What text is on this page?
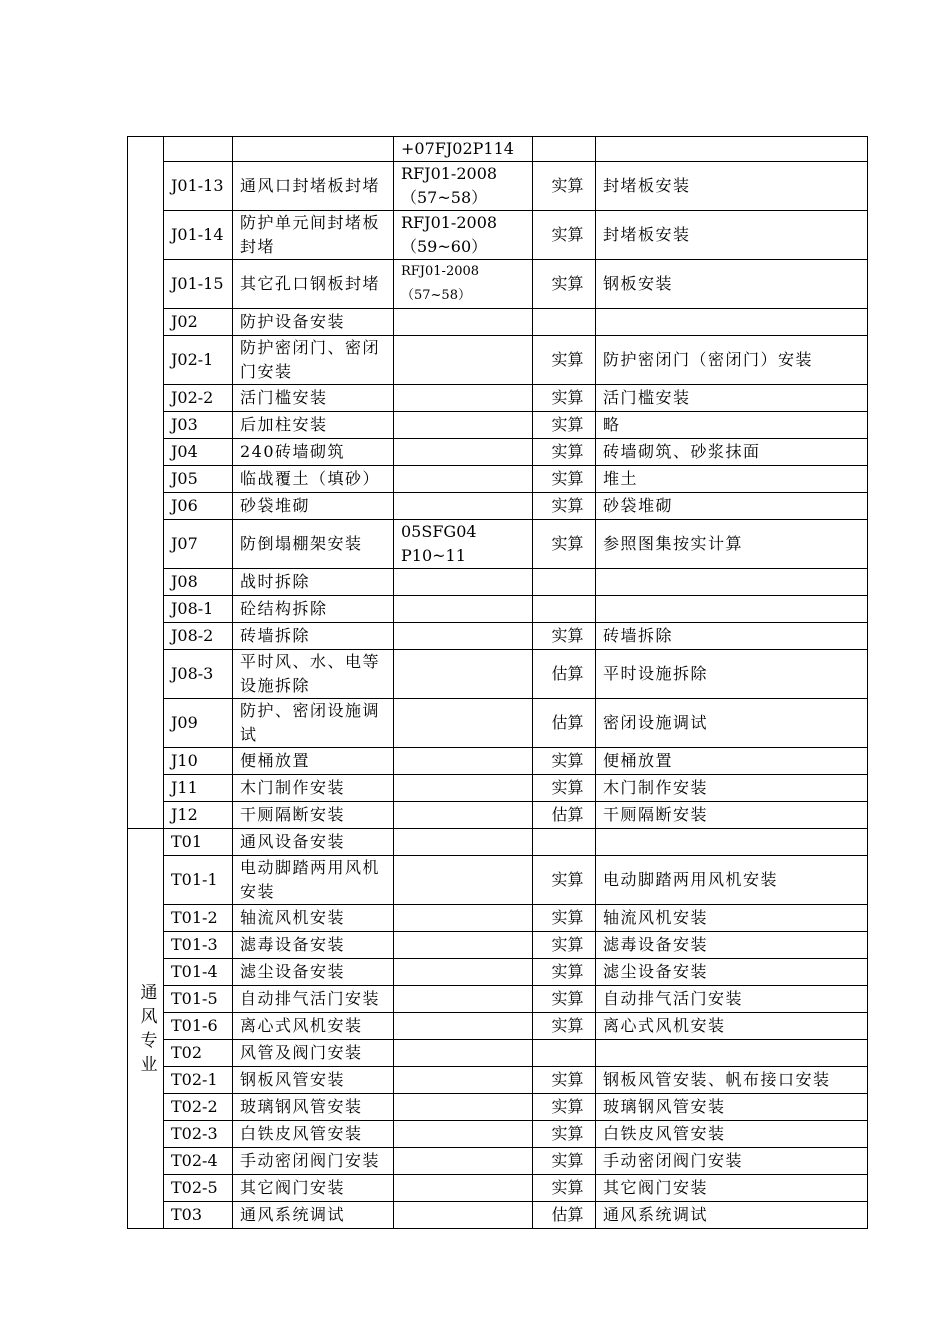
			+07FJ02P114		
	J01-13	通风口封堵板封堵	RFJ01-2008（57~58）	实算	封堵板安装
	J01-14	防护单元间封堵板封堵	RFJ01-2008（59~60）	实算	封堵板安装
	J01-15	其它孔口钢板封堵	RFJ01-2008（57~58）	实算	钢板安装
	J02	防护设备安装			
	J02-1	防护密闭门、密闭门安装		实算	防护密闭门（密闭门）安装
	J02-2	活门槛安装		实算	活门槛安装
	J03	后加柱安装		实算	略
	J04	240砖墙砌筑		实算	砖墙砌筑、砂浆抹面
	J05	临战覆土（填砂）		实算	堆土
	J06	砂袋堆砌		实算	砂袋堆砌
	J07	防倒塌棚架安装	05SFG04 P10~11	实算	参照图集按实计算
	J08	战时拆除			
	J08-1	砼结构拆除			
	J08-2	砖墙拆除		实算	砖墙拆除
	J08-3	平时风、水、电等设施拆除		估算	平时设施拆除
	J09	防护、密闭设施调试		估算	密闭设施调试
	J10	便桶放置		实算	便桶放置
	J11	木门制作安装		实算	木门制作安装
	J12	干厕隔断安装		估算	干厕隔断安装
通风专业	T01	通风设备安装			
	T01-1	电动脚踏两用风机安装		实算	电动脚踏两用风机安装
	T01-2	轴流风机安装		实算	轴流风机安装
	T01-3	滤毒设备安装		实算	滤毒设备安装
	T01-4	滤尘设备安装		实算	滤尘设备安装
	T01-5	自动排气活门安装		实算	自动排气活门安装
	T01-6	离心式风机安装		实算	离心式风机安装
	T02	风管及阀门安装			
	T02-1	钢板风管安装		实算	钢板风管安装、帆布接口安装
	T02-2	玻璃钢风管安装		实算	玻璃钢风管安装
	T02-3	白铁皮风管安装		实算	白铁皮风管安装
	T02-4	手动密闭阀门安装		实算	手动密闭阀门安装
	T02-5	其它阀门安装		实算	其它阀门安装
	T03	通风系统调试		估算	通风系统调试
